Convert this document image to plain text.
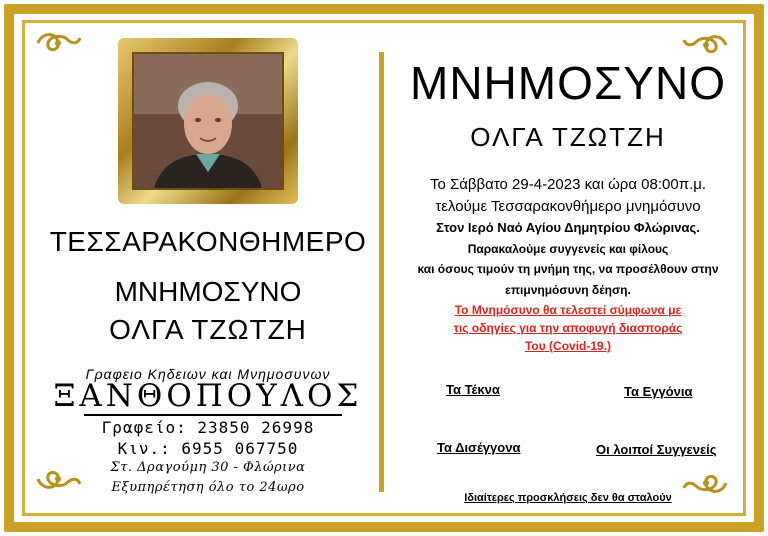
ΤΕΣΣΑΡΑΚΟΝΘΗΜΕΡΟ
ΜΝΗΜΟΣΥΝΟ
ΟΛΓΑ ΤΖΩΤΖΗ
Γραφειο Κηδειων και Μνημοσυνων
ΞΑΝΘΟΠΟΥΛΟΣ
Γραφείο: 23850 26998
Κιν.: 6955 067750
Στ. Δραγούμη 30 - Φλώρινα
Εξυπηρέτηση όλο το 24ωρο
ΜΝΗΜΟΣΥΝΟ
ΟΛΓΑ ΤΖΩΤΖΗ
Το Σάββατο 29-4-2023 και ώρα 08:00π.μ.
τελούμε Τεσσαρακονθήμερο μνημόσυνο
Στον Ιερό Ναό Αγίου Δημητρίου Φλώρινας.
Παρακαλούμε συγγενείς και φίλους
και όσους τιμούν τη μνήμη της, να προσέλθουν στην
επιμνημόσυνη δέηση.
Το Μνημόσυνο θα τελεστεί σύμφωνα με
τις οδηγίες για την αποφυγή διασποράς
Του (Covid-19.)
Τα Τέκνα	Τα Εγγόνια
Τα Δισέγγονα	Οι λοιποί Συγγενείς
Ιδιαίτερες προσκλήσεις δεν θα σταλούν
